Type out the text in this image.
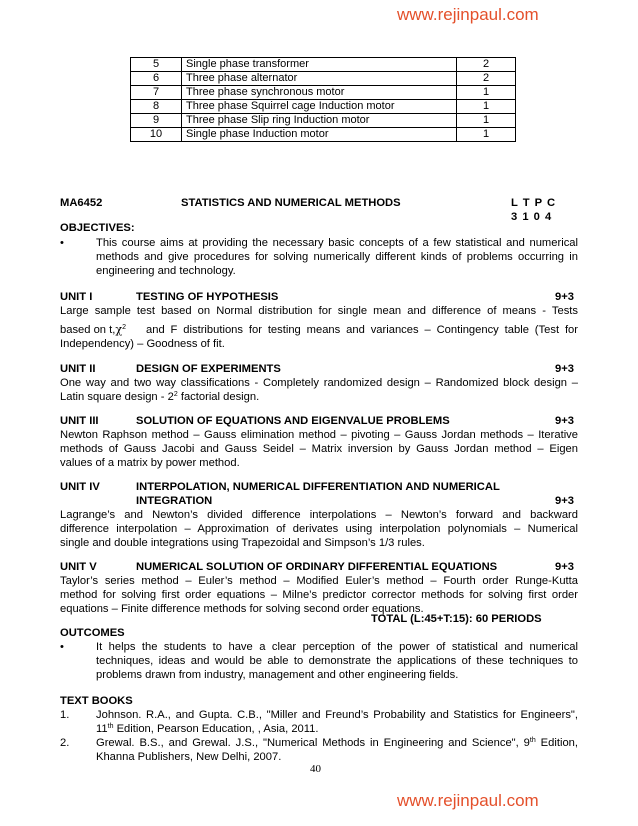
www.rejinpaul.com
5	Single phase transformer	2
6	Three phase alternator	2
7	Three phase synchronous motor	1
8	Three phase Squirrel cage Induction motor	1
9	Three phase Slip ring Induction motor	1
10	Single phase Induction motor	1
MA6452	STATISTICS AND NUMERICAL METHODS	L T P C
3 1 0 4
OBJECTIVES:
•	This course aims at providing the necessary basic concepts of a few statistical and numerical
methods and give procedures for solving numerically different kinds of problems occurring in
engineering and technology.
UNIT I	TESTING OF HYPOTHESIS	9+3
Large sample test based on Normal distribution for single mean and difference of means - Tests
based on $t,\chi^2$ and F distributions for testing means and variances – Contingency table (Test for
Independency) – Goodness of fit.
UNIT II	DESIGN OF EXPERIMENTS	9+3
One way and two way classifications - Completely randomized design – Randomized block design –
Latin square design - $2^2$ factorial design.
UNIT III	SOLUTION OF EQUATIONS AND EIGENVALUE PROBLEMS	9+3
Newton Raphson method – Gauss elimination method – pivoting – Gauss Jordan methods – Iterative
methods of Gauss Jacobi and Gauss Seidel – Matrix inversion by Gauss Jordan method – Eigen
values of a matrix by power method.
UNIT IV	INTERPOLATION, NUMERICAL DIFFERENTIATION AND NUMERICAL
INTEGRATION	9+3
Lagrange’s and Newton’s divided difference interpolations – Newton’s forward and backward
difference interpolation – Approximation of derivates using interpolation polynomials – Numerical
single and double integrations using Trapezoidal and Simpson’s 1/3 rules.
UNIT V	NUMERICAL SOLUTION OF ORDINARY DIFFERENTIAL EQUATIONS	9+3
Taylor’s series method – Euler’s method – Modified Euler’s method – Fourth order Runge-Kutta
method for solving first order equations – Milne’s predictor corrector methods for solving first order
equations – Finite difference methods for solving second order equations.
TOTAL (L:45+T:15): 60 PERIODS
OUTCOMES
•	It helps the students to have a clear perception of the power of statistical and numerical
techniques, ideas and would be able to demonstrate the applications of these techniques to
problems drawn from industry, management and other engineering fields.
TEXT BOOKS
1. Johnson. R.A., and Gupta. C.B., "Miller and Freund’s Probability and Statistics for Engineers",
11th Edition, Pearson Education, , Asia, 2011.
2. Grewal. B.S., and Grewal. J.S., "Numerical Methods in Engineering and Science", 9th Edition,
Khanna Publishers, New Delhi, 2007.
40
www.rejinpaul.com
